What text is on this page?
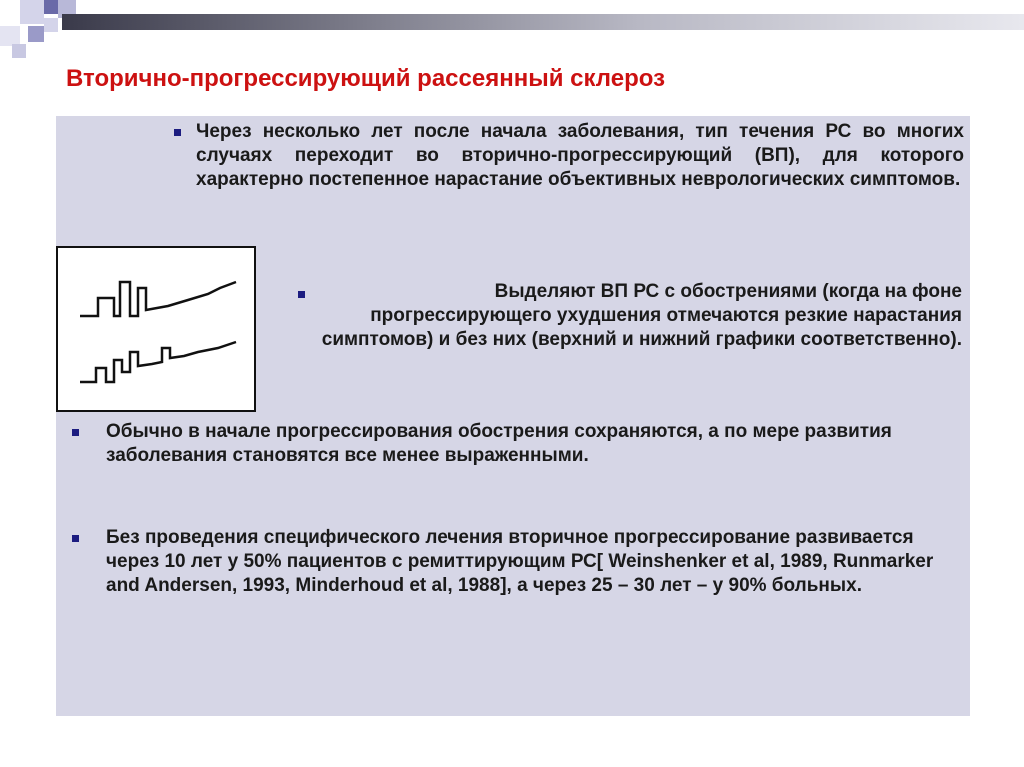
Вторично-прогрессирующий рассеянный склероз
Через несколько лет после начала заболевания, тип течения РС во многих случаях переходит во вторично-прогрессирующий (ВП), для которого характерно постепенное нарастание объективных неврологических симптомов.
Выделяют ВП РС с обострениями (когда на фоне прогрессирующего ухудшения отмечаются резкие нарастания симптомов) и без них (верхний и нижний графики соответственно).
Обычно в начале прогрессирования обострения сохраняются, а по мере развития заболевания становятся все менее выраженными.
Без проведения специфического лечения вторичное прогрессирование развивается через 10 лет у 50% пациентов с ремиттирующим РС[ Weinshenker et al, 1989, Runmarker and Andersen, 1993, Minderhoud et al, 1988], а через 25 – 30 лет – у 90% больных.
